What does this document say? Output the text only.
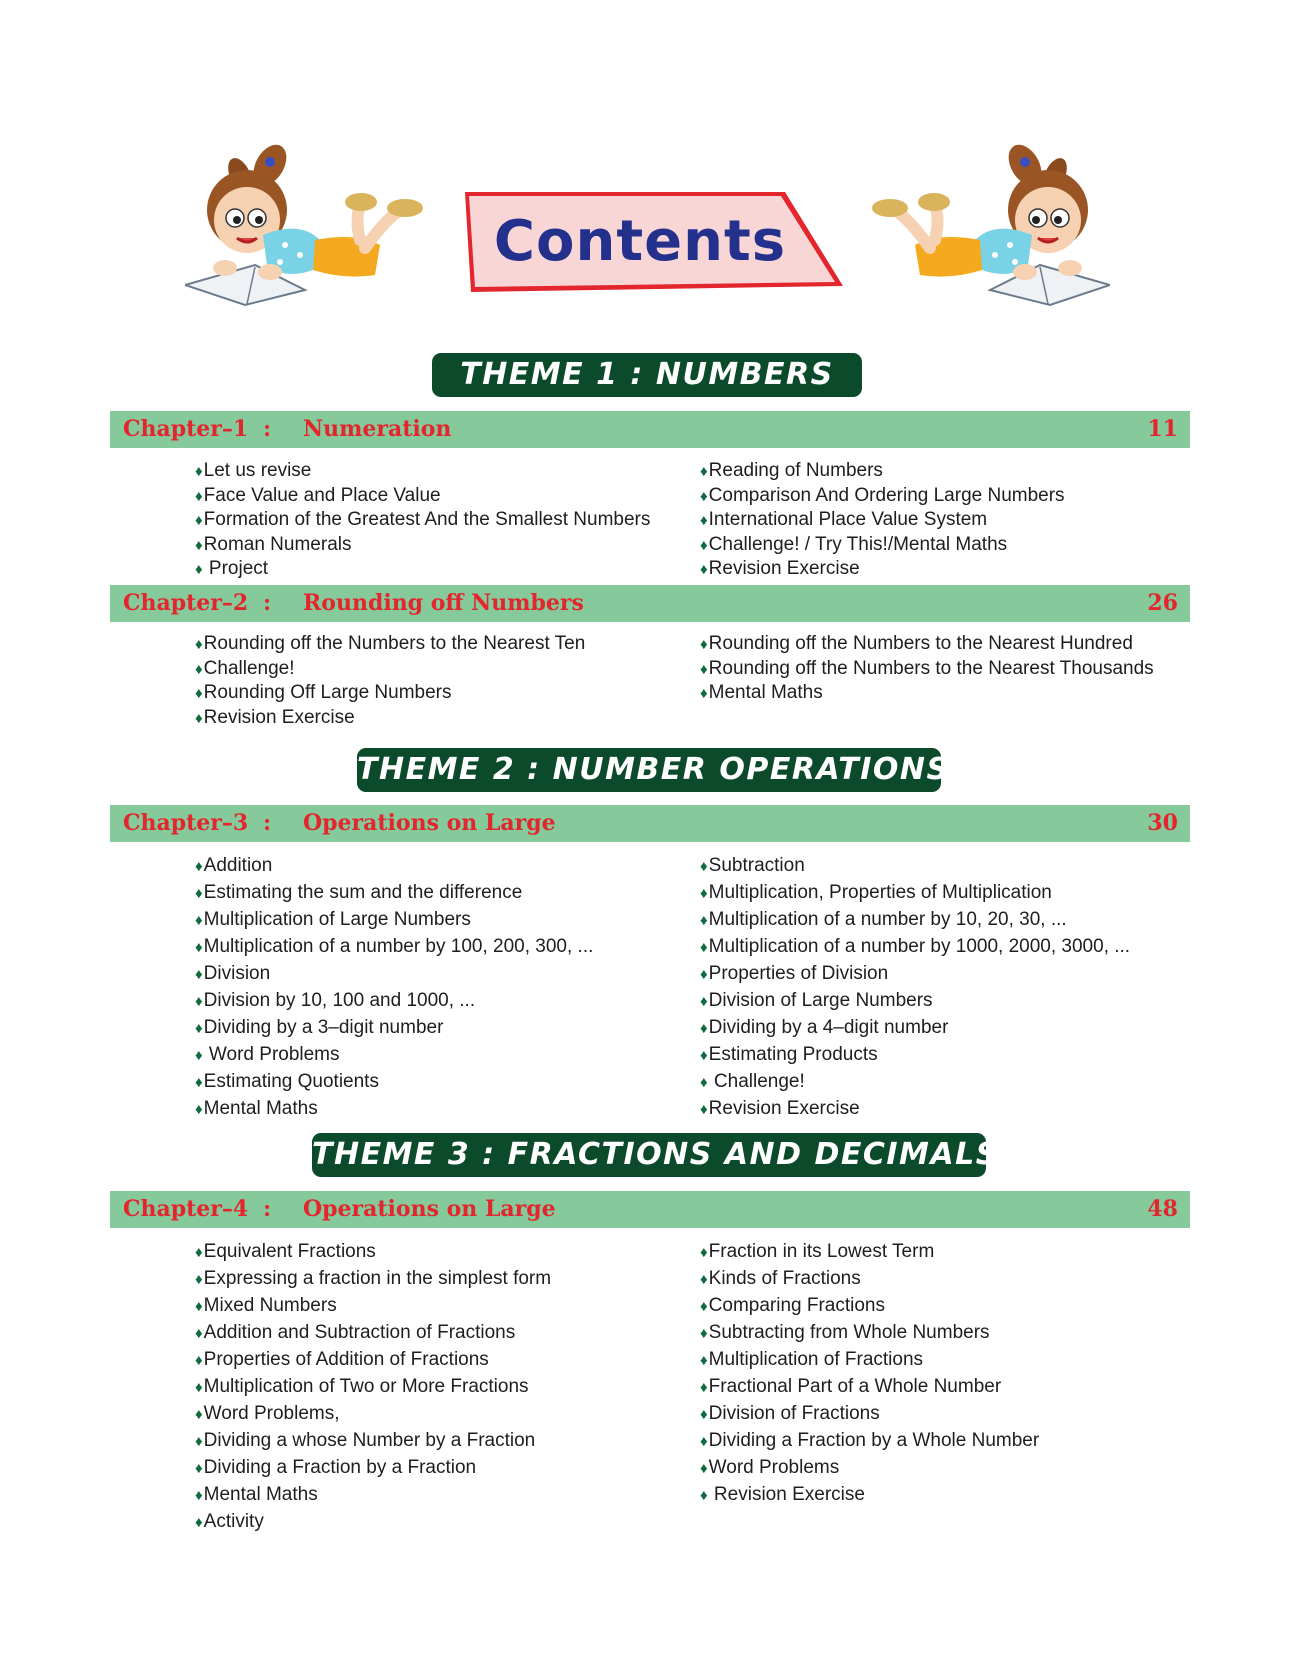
Contents
THEME 1 : NUMBERS
Chapter–1 : Numeration	11
♦Let us revise
♦Face Value and Place Value
♦Formation of the Greatest And the Smallest Numbers
♦Roman Numerals
♦ Project
♦Reading of Numbers
♦Comparison And Ordering Large Numbers
♦International Place Value System
♦Challenge! / Try This!/Mental Maths
♦Revision Exercise
Chapter–2 : Rounding off Numbers	26
♦Rounding off the Numbers to the Nearest Ten
♦Challenge!
♦Rounding Off Large Numbers
♦Revision Exercise
♦Rounding off the Numbers to the Nearest Hundred
♦Rounding off the Numbers to the Nearest Thousands
♦Mental Maths
THEME 2 : NUMBER OPERATIONS
Chapter–3 : Operations on Large	30
♦Addition
♦Estimating the sum and the difference
♦Multiplication of Large Numbers
♦Multiplication of a number by 100, 200, 300, ...
♦Division
♦Division by 10, 100 and 1000, ...
♦Dividing by a 3–digit number
♦ Word Problems
♦Estimating Quotients
♦Mental Maths
♦Subtraction
♦Multiplication, Properties of Multiplication
♦Multiplication of a number by 10, 20, 30, ...
♦Multiplication of a number by 1000, 2000, 3000, ...
♦Properties of Division
♦Division of Large Numbers
♦Dividing by a 4–digit number
♦Estimating Products
♦ Challenge!
♦Revision Exercise
THEME 3 : FRACTIONS AND DECIMALS
Chapter–4 : Operations on Large	48
♦Equivalent Fractions
♦Expressing a fraction in the simplest form
♦Mixed Numbers
♦Addition and Subtraction of Fractions
♦Properties of Addition of Fractions
♦Multiplication of Two or More Fractions
♦Word Problems,
♦Dividing a whose Number by a Fraction
♦Dividing a Fraction by a Fraction
♦Mental Maths
♦Activity
♦Fraction in its Lowest Term
♦Kinds of Fractions
♦Comparing Fractions
♦Subtracting from Whole Numbers
♦Multiplication of Fractions
♦Fractional Part of a Whole Number
♦Division of Fractions
♦Dividing a Fraction by a Whole Number
♦Word Problems
♦ Revision Exercise
